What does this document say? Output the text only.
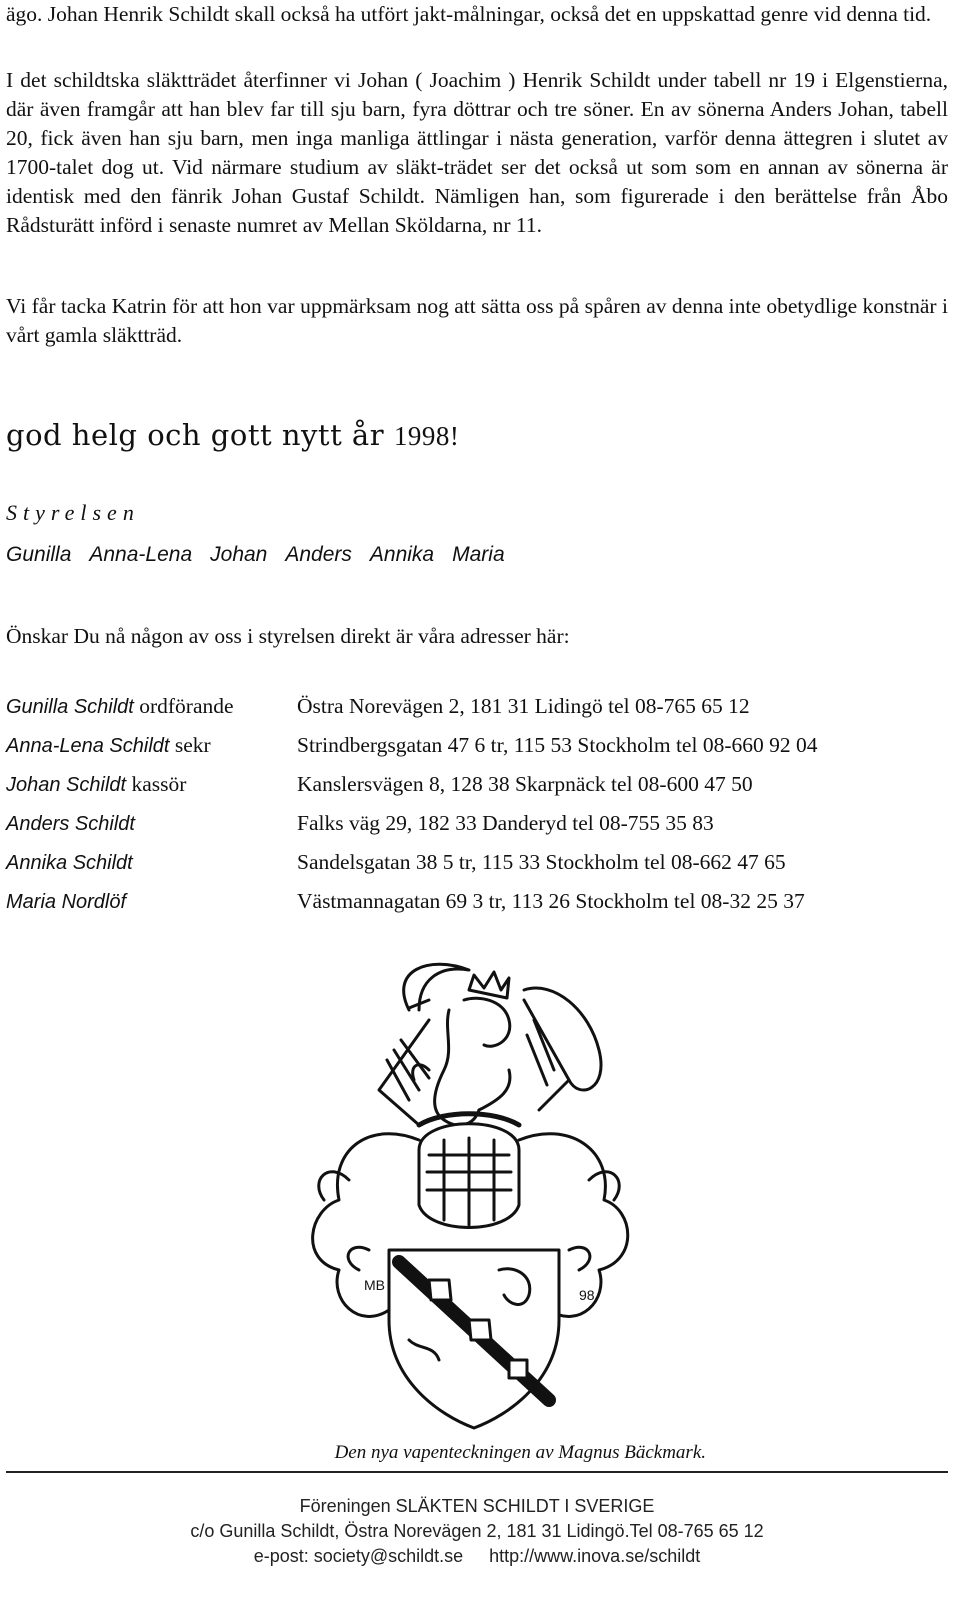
ägo. Johan Henrik Schildt skall också ha utfört jakt-målningar, också det en uppskattad genre vid denna tid.

I det schildtska släktträdet återfinner vi Johan ( Joachim ) Henrik Schildt under tabell nr 19 i Elgenstierna, där även framgår att han blev far till sju barn, fyra döttrar och tre söner. En av sönerna Anders Johan, tabell 20, fick även han sju barn, men inga manliga ättlingar i nästa generation, varför denna ättegren i slutet av 1700-talet dog ut. Vid närmare studium av släkt-trädet ser det också ut som som en annan av sönerna är identisk med den fänrik Johan Gustaf Schildt. Nämligen han, som figurerade i den berättelse från Åbo Rådsturätt införd i senaste numret av Mellan Sköldarna, nr 11.

Vi får tacka Katrin för att hon var uppmärksam nog att sätta oss på spåren av denna inte obetydlige konstnär i vårt gamla släktträd.

god helg och gott nytt år 1998!
Styrelsen
Gunilla Anna-Lena Johan Anders Annika Maria
Önskar Du nå någon av oss i styrelsen direkt är våra adresser här:
Gunilla Schildt ordförande	Östra Norevägen 2, 181 31 Lidingö tel 08-765 65 12
Anna-Lena Schildt sekr	Strindbergsgatan 47 6 tr, 115 53 Stockholm tel 08-660 92 04
Johan Schildt kassör	Kanslersvägen 8, 128 38 Skarpnäck tel 08-600 47 50
Anders Schildt	Falks väg 29, 182 33 Danderyd tel 08-755 35 83
Annika Schildt	Sandelsgatan 38 5 tr, 115 33 Stockholm tel 08-662 47 65
Maria Nordlöf	Västmannagatan 69 3 tr, 113 26 Stockholm tel 08-32 25 37
MB
98
Den nya vapenteckningen av Magnus Bäckmark.
Föreningen SLÄKTEN SCHILDT I SVERIGE
c/o Gunilla Schildt, Östra Norevägen 2, 181 31 Lidingö.Tel 08-765 65 12
e-post: society@schildt.se http://www.inova.se/schildt
